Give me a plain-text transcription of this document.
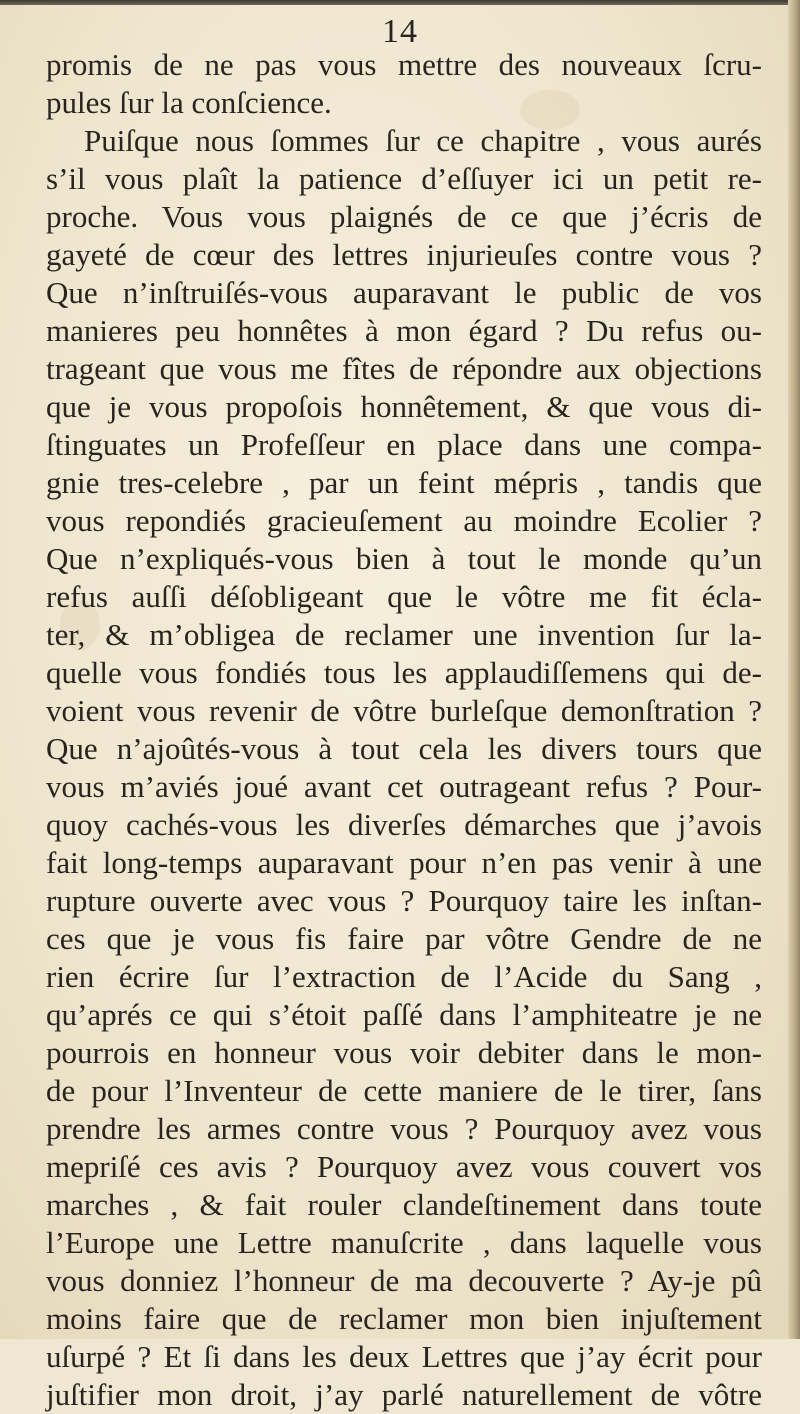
14
promis de ne pas vous mettre des nouveaux ſcru-
pules ſur la conſcience.
Puiſque nous ſommes ſur ce chapitre , vous aurés
s’il vous plaît la patience d’eſſuyer ici un petit re-
proche. Vous vous plaignés de ce que j’écris de
gayeté de cœur des lettres injurieuſes contre vous ?
Que n’inſtruiſés-vous auparavant le public de vos
manieres peu honnêtes à mon égard ? Du refus ou-
trageant que vous me fîtes de répondre aux objections
que je vous propoſois honnêtement, & que vous di-
ſtinguates un Profeſſeur en place dans une compa-
gnie tres-celebre , par un feint mépris , tandis que
vous repondiés gracieuſement au moindre Ecolier ?
Que n’expliqués-vous bien à tout le monde qu’un
refus auſſi déſobligeant que le vôtre me fit écla-
ter, & m’obligea de reclamer une invention ſur la-
quelle vous fondiés tous les applaudiſſemens qui de-
voient vous revenir de vôtre burleſque demonſtration ?
Que n’ajoûtés-vous à tout cela les divers tours que
vous m’aviés joué avant cet outrageant refus ? Pour-
quoy cachés-vous les diverſes démarches que j’avois
fait long-temps auparavant pour n’en pas venir à une
rupture ouverte avec vous ? Pourquoy taire les inſtan-
ces que je vous fis faire par vôtre Gendre de ne
rien écrire ſur l’extraction de l’Acide du Sang ,
qu’aprés ce qui s’étoit paſſé dans l’amphiteatre je ne
pourrois en honneur vous voir debiter dans le mon-
de pour l’Inventeur de cette maniere de le tirer, ſans
prendre les armes contre vous ? Pourquoy avez vous
mepriſé ces avis ? Pourquoy avez vous couvert vos
marches , & fait rouler clandeſtinement dans toute
l’Europe une Lettre manuſcrite , dans laquelle vous
vous donniez l’honneur de ma decouverte ? Ay-je pû
moins faire que de reclamer mon bien injuſtement
uſurpé ? Et ſi dans les deux Lettres que j’ay écrit pour
juſtifier mon droit, j’ay parlé naturellement de vôtre
